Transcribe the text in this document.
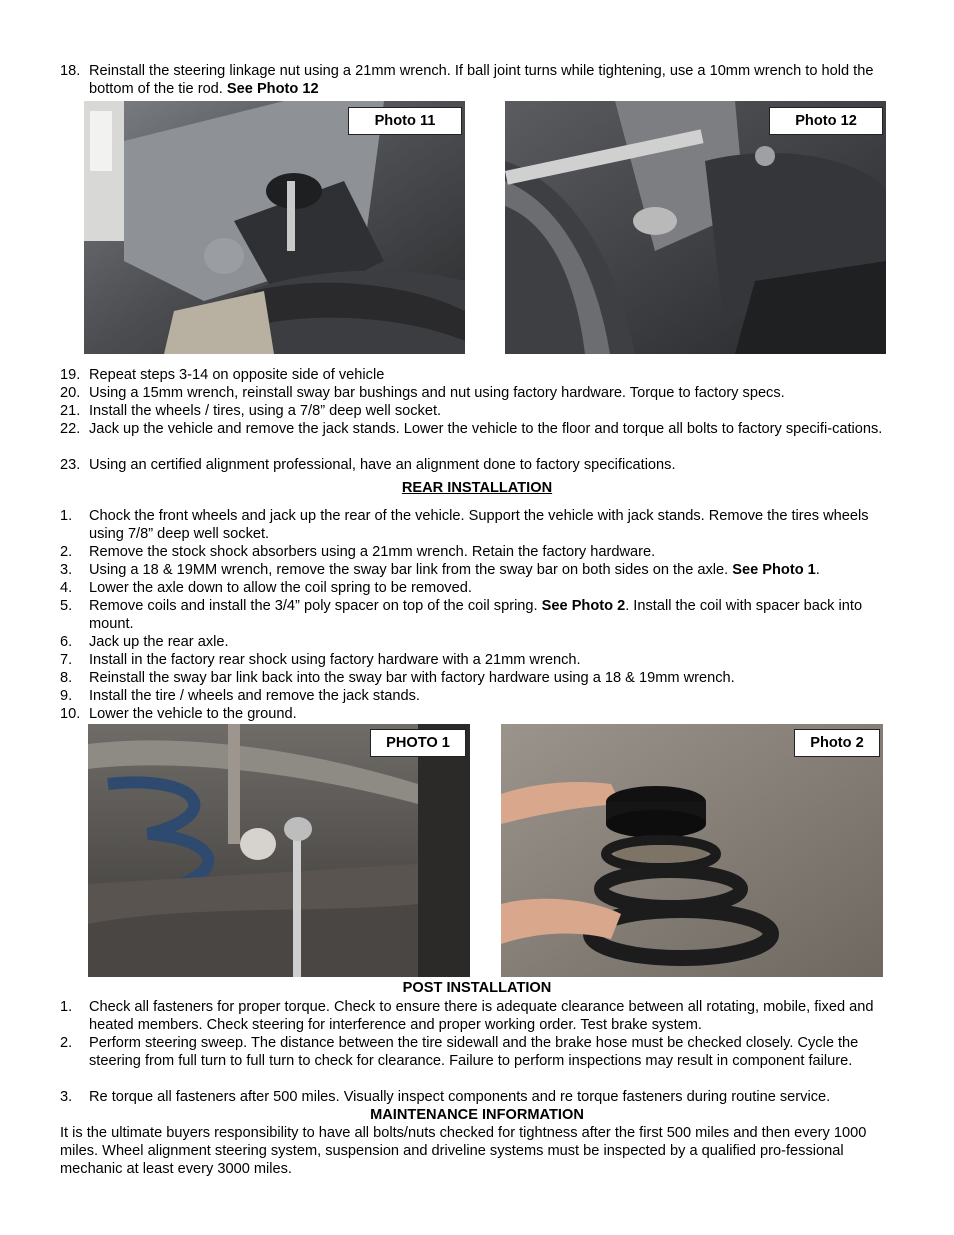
18. Reinstall the steering linkage nut using a 21mm wrench. If ball joint turns while tightening, use a 10mm wrench to hold the bottom of the tie rod. See Photo 12
Photo 11	Photo 12
19. Repeat steps 3-14 on opposite side of vehicle
20. Using a 15mm wrench, reinstall sway bar bushings and nut using factory hardware. Torque to factory specs.
21. Install the wheels / tires, using a 7/8” deep well socket.
22. Jack up the vehicle and remove the jack stands. Lower the vehicle to the floor and torque all bolts to factory specifi-cations.
23. Using an certified alignment professional, have an alignment done to factory specifications.
REAR INSTALLATION
1.	Chock the front wheels and jack up the rear of the vehicle. Support the vehicle with jack stands. Remove the tires wheels using 7/8” deep well socket.
2.	Remove the stock shock absorbers using a 21mm wrench. Retain the factory hardware.
3.	Using a 18 & 19MM wrench, remove the sway bar link from the sway bar on both sides on the axle. See Photo 1.
4.	Lower the axle down to allow the coil spring to be removed.
5.	Remove coils and install the 3/4” poly spacer on top of the coil spring. See Photo 2. Install the coil with spacer back into mount.
6.	Jack up the rear axle.
7.	Install in the factory rear shock using factory hardware with a 21mm wrench.
8.	Reinstall the sway bar link back into the sway bar with factory hardware using a 18 & 19mm wrench.
9.	Install the tire / wheels and remove the jack stands.
10. Lower the vehicle to the ground.
PHOTO 1	Photo 2
POST INSTALLATION
1.	Check all fasteners for proper torque. Check to ensure there is adequate clearance between all rotating, mobile, fixed and heated members. Check steering for interference and proper working order. Test brake system.
2.	Perform steering sweep. The distance between the tire sidewall and the brake hose must be checked closely. Cycle the steering from full turn to full turn to check for clearance. Failure to perform inspections may result in component failure.
3.	Re torque all fasteners after 500 miles. Visually inspect components and re torque fasteners during routine service.
MAINTENANCE INFORMATION
It is the ultimate buyers responsibility to have all bolts/nuts checked for tightness after the first 500 miles and then every 1000 miles. Wheel alignment steering system, suspension and driveline systems must be inspected by a qualified pro-fessional mechanic at least every 3000 miles.
